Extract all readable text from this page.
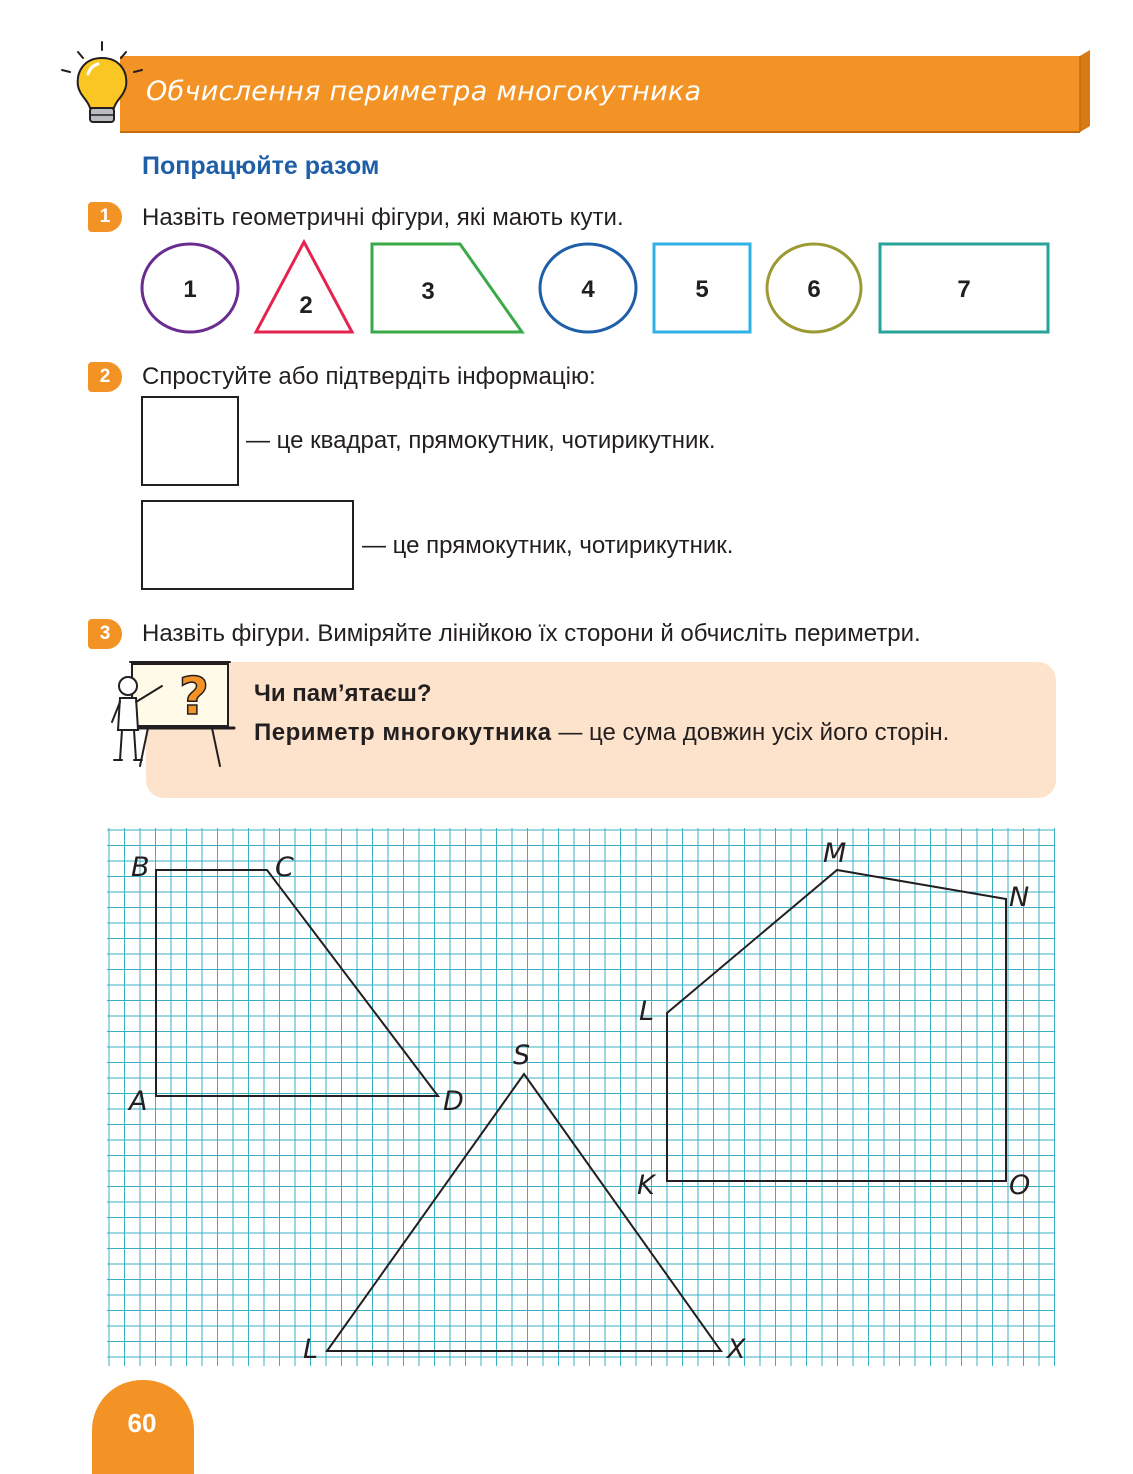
Обчислення периметра многокутника
Попрацюйте разом
1	Назвіть геометричні фігури, які мають кути.
1
2
3	4	5	6	7
2	Спростуйте або підтвердіть інформацію:
— це квадрат, прямокутник, чотирикутник.
— це прямокутник, чотирикутник.
3	Назвіть фігури. Виміряйте лінійкою їх сторони й обчисліть периметри.
? Чи пам’ятаєш?
Периметр многокутника — це сума довжин усіх його сторін.
B	C
A	D
S
L	X
M
N
L
K	O
60
